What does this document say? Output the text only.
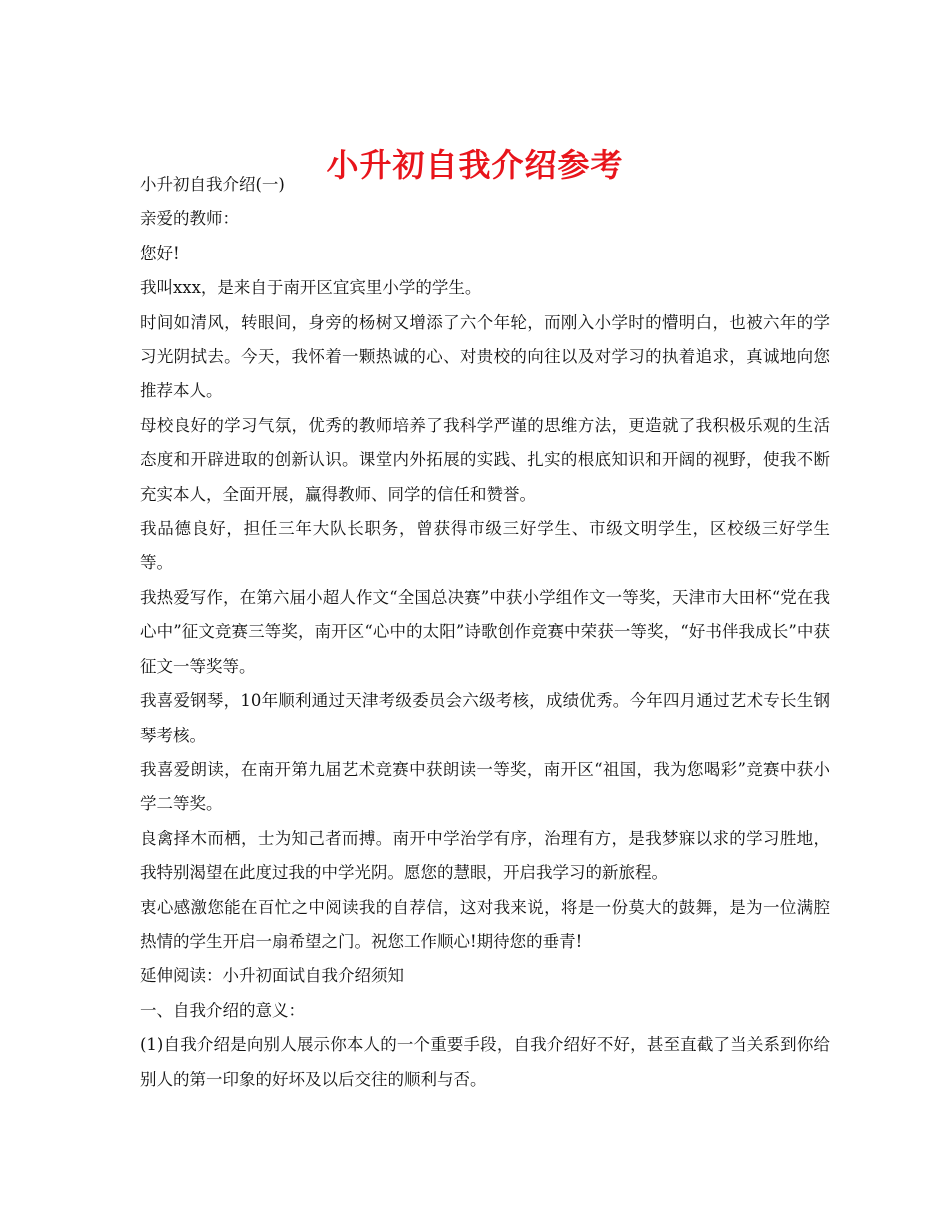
小升初自我介绍参考

小升初自我介绍(一)

亲爱的教师：

您好!

我叫xxx，是来自于南开区宜宾里小学的学生。

时间如清风，转眼间，身旁的杨树又增添了六个年轮，而刚入小学时的懵明白，也被六年的学习光阴拭去。今天，我怀着一颗热诚的心、对贵校的向往以及对学习的执着追求，真诚地向您推荐本人。

母校良好的学习气氛，优秀的教师培养了我科学严谨的思维方法，更造就了我积极乐观的生活态度和开辟进取的创新认识。课堂内外拓展的实践、扎实的根底知识和开阔的视野，使我不断充实本人，全面开展，赢得教师、同学的信任和赞誉。

我品德良好，担任三年大队长职务，曾获得市级三好学生、市级文明学生，区校级三好学生等。

我热爱写作，在第六届小超人作文“全国总决赛”中获小学组作文一等奖，天津市大田杯“党在我心中”征文竞赛三等奖，南开区“心中的太阳”诗歌创作竞赛中荣获一等奖，“好书伴我成长”中获征文一等奖等。

我喜爱钢琴，10年顺利通过天津考级委员会六级考核，成绩优秀。今年四月通过艺术专长生钢琴考核。

我喜爱朗读，在南开第九届艺术竞赛中获朗读一等奖，南开区“祖国，我为您喝彩”竞赛中获小学二等奖。

良禽择木而栖，士为知己者而搏。南开中学治学有序，治理有方，是我梦寐以求的学习胜地，我特别渴望在此度过我的中学光阴。愿您的慧眼，开启我学习的新旅程。

衷心感激您能在百忙之中阅读我的自荐信，这对我来说，将是一份莫大的鼓舞，是为一位满腔热情的学生开启一扇希望之门。祝您工作顺心!期待您的垂青!

延伸阅读：小升初面试自我介绍须知

一、自我介绍的意义：

(1)自我介绍是向别人展示你本人的一个重要手段，自我介绍好不好，甚至直截了当关系到你给别人的第一印象的好坏及以后交往的顺利与否。
